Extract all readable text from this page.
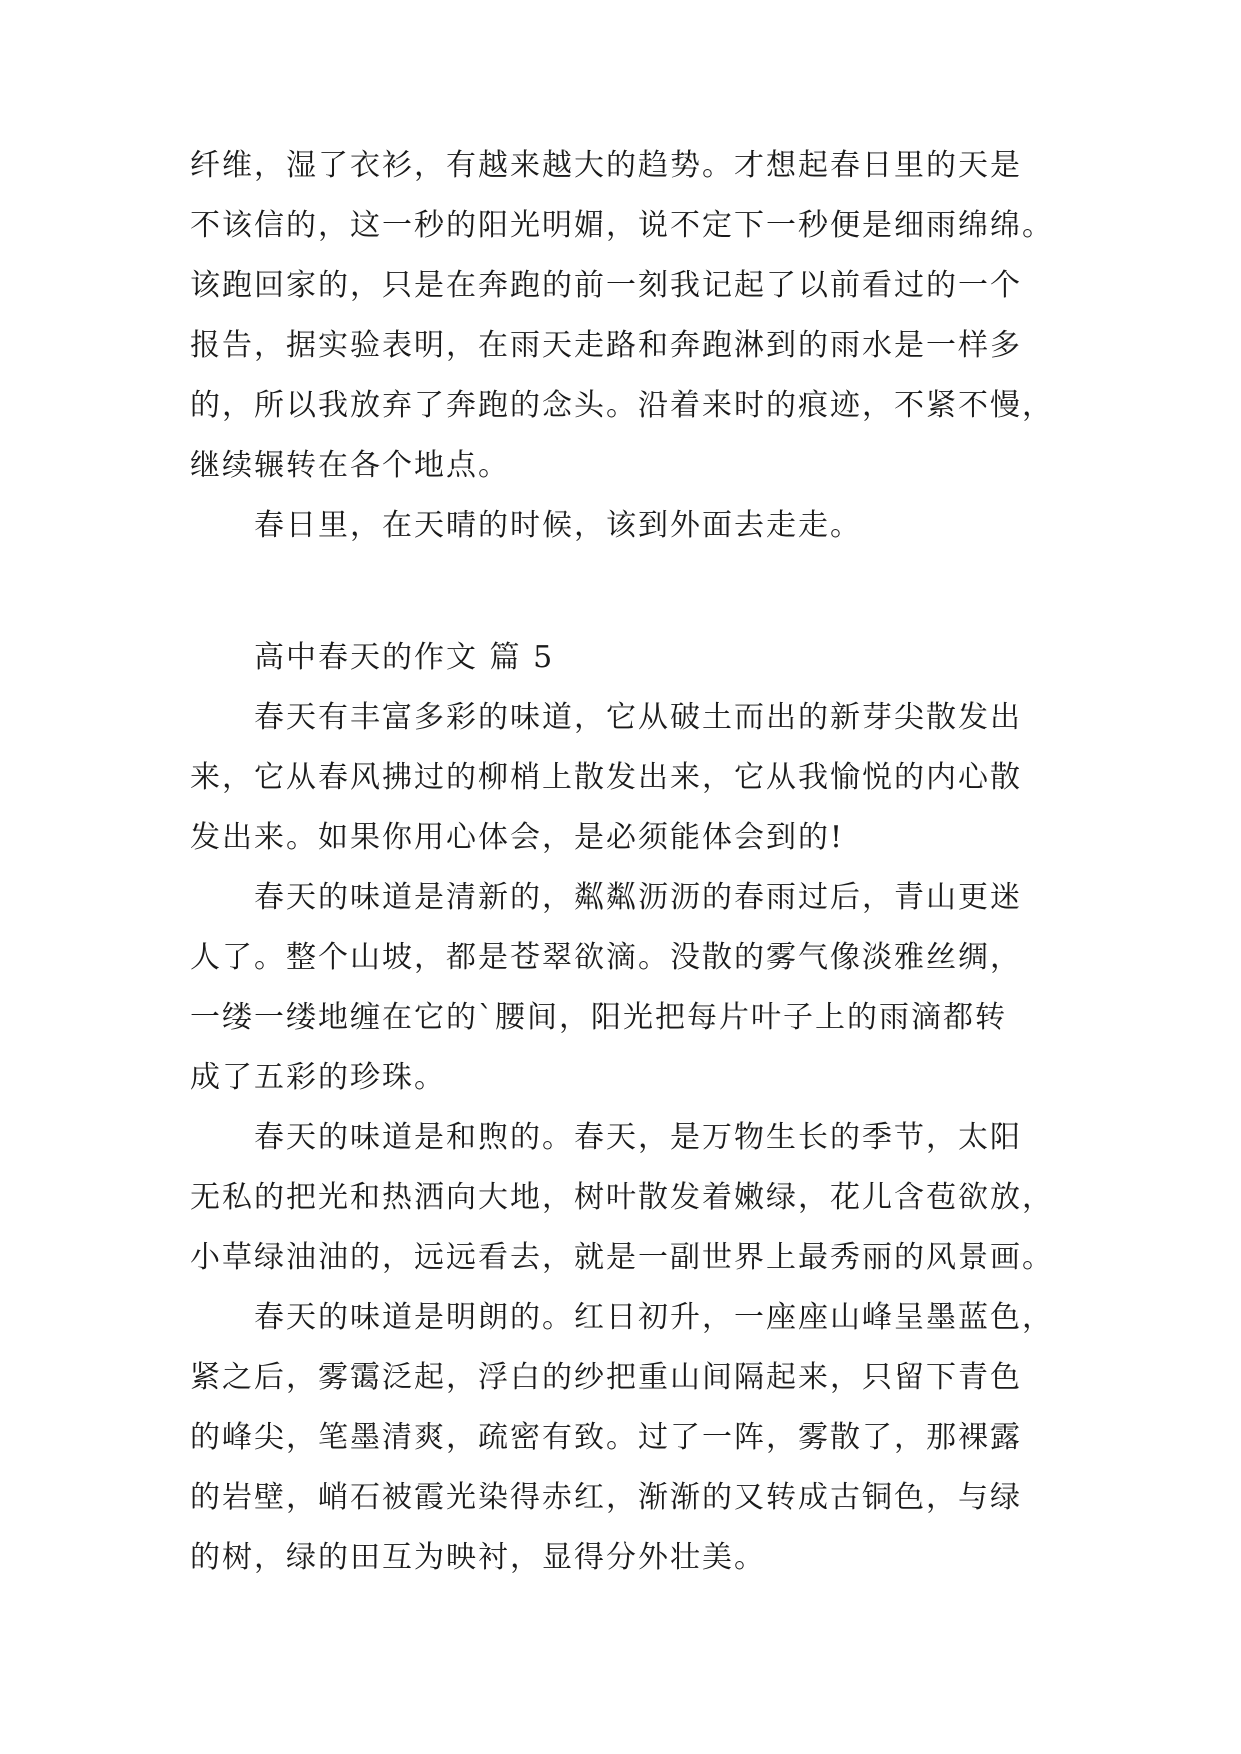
纤维，湿了衣衫，有越来越大的趋势。才想起春日里的天是
不该信的，这一秒的阳光明媚，说不定下一秒便是细雨绵绵。
该跑回家的，只是在奔跑的前一刻我记起了以前看过的一个
报告，据实验表明，在雨天走路和奔跑淋到的雨水是一样多
的，所以我放弃了奔跑的念头。沿着来时的痕迹，不紧不慢，
继续辗转在各个地点。
春日里，在天晴的时候，该到外面去走走。
高中春天的作文 篇 5
春天有丰富多彩的味道，它从破土而出的新芽尖散发出
来，它从春风拂过的柳梢上散发出来，它从我愉悦的内心散
发出来。如果你用心体会，是必须能体会到的!
春天的味道是清新的，粼粼沥沥的春雨过后，青山更迷
人了。整个山坡，都是苍翠欲滴。没散的雾气像淡雅丝绸，
一缕一缕地缠在它的`腰间，阳光把每片叶子上的雨滴都转
成了五彩的珍珠。
春天的味道是和煦的。春天，是万物生长的季节，太阳
无私的把光和热洒向大地，树叶散发着嫩绿，花儿含苞欲放，
小草绿油油的，远远看去，就是一副世界上最秀丽的风景画。
春天的味道是明朗的。红日初升，一座座山峰呈墨蓝色，
紧之后，雾霭泛起，浮白的纱把重山间隔起来，只留下青色
的峰尖，笔墨清爽，疏密有致。过了一阵，雾散了，那裸露
的岩壁，峭石被霞光染得赤红，渐渐的又转成古铜色，与绿
的树，绿的田互为映衬，显得分外壮美。
